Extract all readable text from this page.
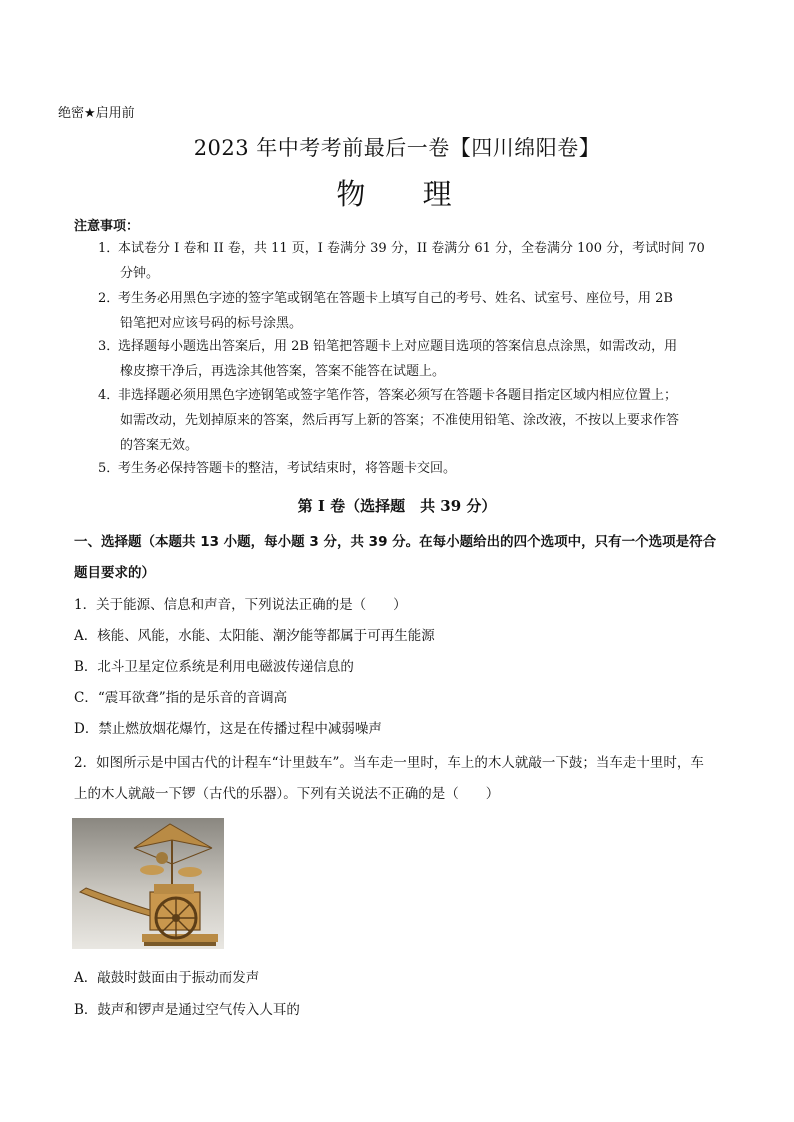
绝密★启用前
2023 年中考考前最后一卷【四川绵阳卷】
物 理
注意事项：
1．本试卷分 I 卷和 II 卷，共 11 页，I 卷满分 39 分，II 卷满分 61 分，全卷满分 100 分，考试时间 70
分钟。
2．考生务必用黑色字迹的签字笔或钢笔在答题卡上填写自己的考号、姓名、试室号、座位号，用 2B
铅笔把对应该号码的标号涂黑。
3．选择题每小题选出答案后，用 2B 铅笔把答题卡上对应题目选项的答案信息点涂黑，如需改动，用
橡皮擦干净后，再选涂其他答案，答案不能答在试题上。
4．非选择题必须用黑色字迹钢笔或签字笔作答，答案必须写在答题卡各题目指定区域内相应位置上；
如需改动，先划掉原来的答案，然后再写上新的答案；不准使用铅笔、涂改液，不按以上要求作答
的答案无效。
5．考生务必保持答题卡的整洁，考试结束时，将答题卡交回。
第 I 卷（选择题　共 39 分）
一、选择题（本题共 13 小题，每小题 3 分，共 39 分。在每小题给出的四个选项中，只有一个选项是符合
题目要求的）
1．关于能源、信息和声音，下列说法正确的是（　　）
A．核能、风能，水能、太阳能、潮汐能等都属于可再生能源
B．北斗卫星定位系统是利用电磁波传递信息的
C．“震耳欲聋”指的是乐音的音调高
D．禁止燃放烟花爆竹，这是在传播过程中减弱噪声
2．如图所示是中国古代的计程车“计里鼓车”。当车走一里时，车上的木人就敲一下鼓；当车走十里时，车
上的木人就敲一下锣（古代的乐器）。下列有关说法不正确的是（　　）
A．敲鼓时鼓面由于振动而发声
B．鼓声和锣声是通过空气传入人耳的
